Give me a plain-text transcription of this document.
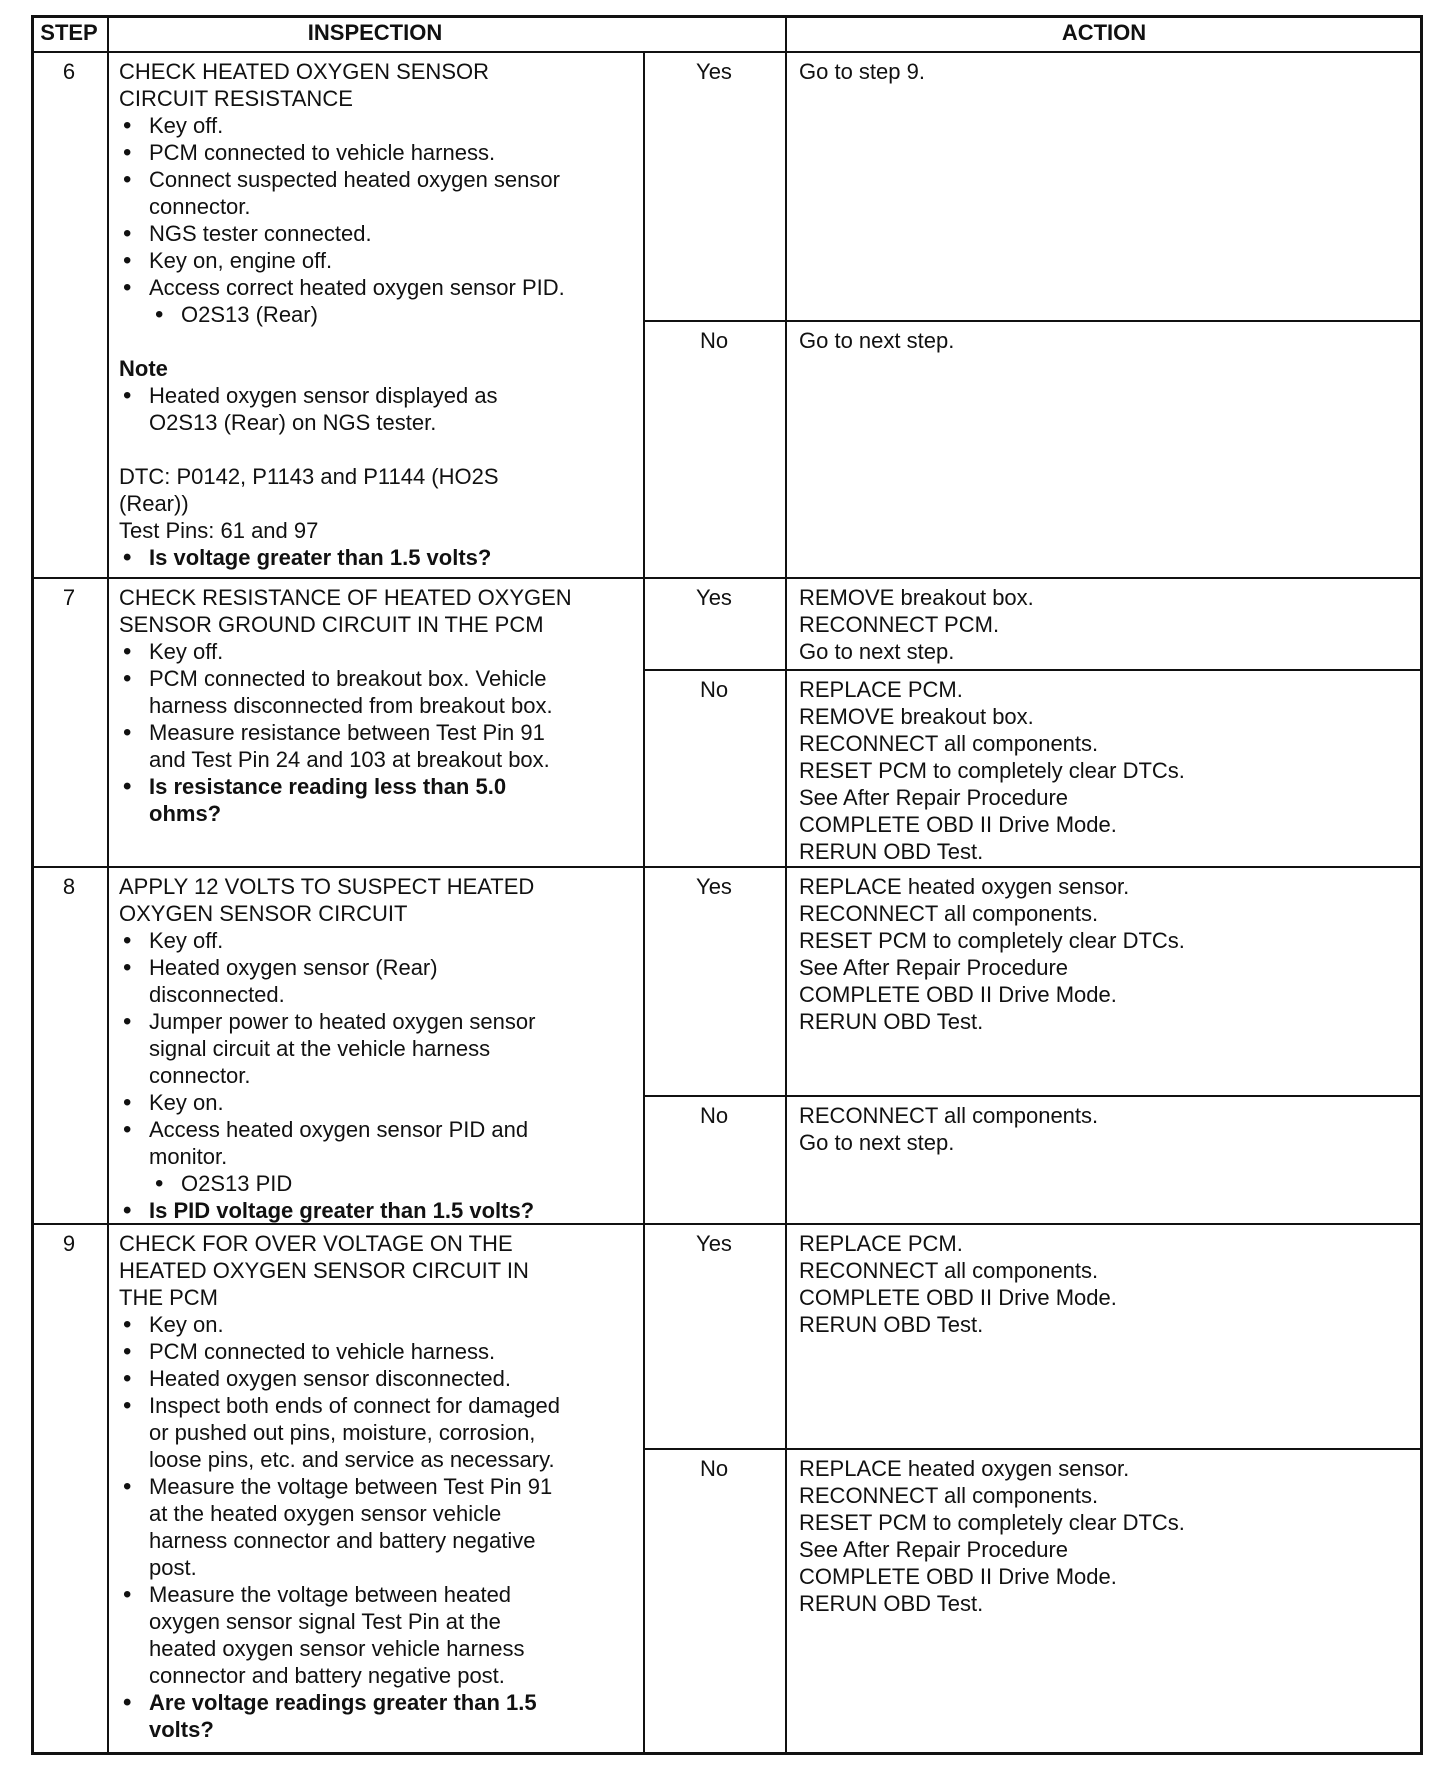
STEP	INSPECTION	ACTION
6	CHECK HEATED OXYGEN SENSOR
CIRCUIT RESISTANCE
• Key off.
• PCM connected to vehicle harness.
• Connect suspected heated oxygen sensor
connector.
• NGS tester connected.
• Key on, engine off.
• Access correct heated oxygen sensor PID.
• O2S13 (Rear)
Note
• Heated oxygen sensor displayed as
O2S13 (Rear) on NGS tester.
DTC: P0142, P1143 and P1144 (HO2S
(Rear))
Test Pins: 61 and 97
• Is voltage greater than 1.5 volts?
Yes	Go to step 9.
No	Go to next step.
7	CHECK RESISTANCE OF HEATED OXYGEN
SENSOR GROUND CIRCUIT IN THE PCM
• Key off.
• PCM connected to breakout box. Vehicle
harness disconnected from breakout box.
• Measure resistance between Test Pin 91
and Test Pin 24 and 103 at breakout box.
• Is resistance reading less than 5.0
ohms?
Yes	REMOVE breakout box.
RECONNECT PCM.
Go to next step.
No	REPLACE PCM.
REMOVE breakout box.
RECONNECT all components.
RESET PCM to completely clear DTCs.
See After Repair Procedure
COMPLETE OBD II Drive Mode.
RERUN OBD Test.
8	APPLY 12 VOLTS TO SUSPECT HEATED
OXYGEN SENSOR CIRCUIT
• Key off.
• Heated oxygen sensor (Rear)
disconnected.
• Jumper power to heated oxygen sensor
signal circuit at the vehicle harness
connector.
• Key on.
• Access heated oxygen sensor PID and
monitor.
• O2S13 PID
• Is PID voltage greater than 1.5 volts?
Yes	REPLACE heated oxygen sensor.
RECONNECT all components.
RESET PCM to completely clear DTCs.
See After Repair Procedure
COMPLETE OBD II Drive Mode.
RERUN OBD Test.
No	RECONNECT all components.
Go to next step.
9	CHECK FOR OVER VOLTAGE ON THE
HEATED OXYGEN SENSOR CIRCUIT IN
THE PCM
• Key on.
• PCM connected to vehicle harness.
• Heated oxygen sensor disconnected.
• Inspect both ends of connect for damaged
or pushed out pins, moisture, corrosion,
loose pins, etc. and service as necessary.
• Measure the voltage between Test Pin 91
at the heated oxygen sensor vehicle
harness connector and battery negative
post.
• Measure the voltage between heated
oxygen sensor signal Test Pin at the
heated oxygen sensor vehicle harness
connector and battery negative post.
• Are voltage readings greater than 1.5
volts?
Yes	REPLACE PCM.
RECONNECT all components.
COMPLETE OBD II Drive Mode.
RERUN OBD Test.
No	REPLACE heated oxygen sensor.
RECONNECT all components.
RESET PCM to completely clear DTCs.
See After Repair Procedure
COMPLETE OBD II Drive Mode.
RERUN OBD Test.
